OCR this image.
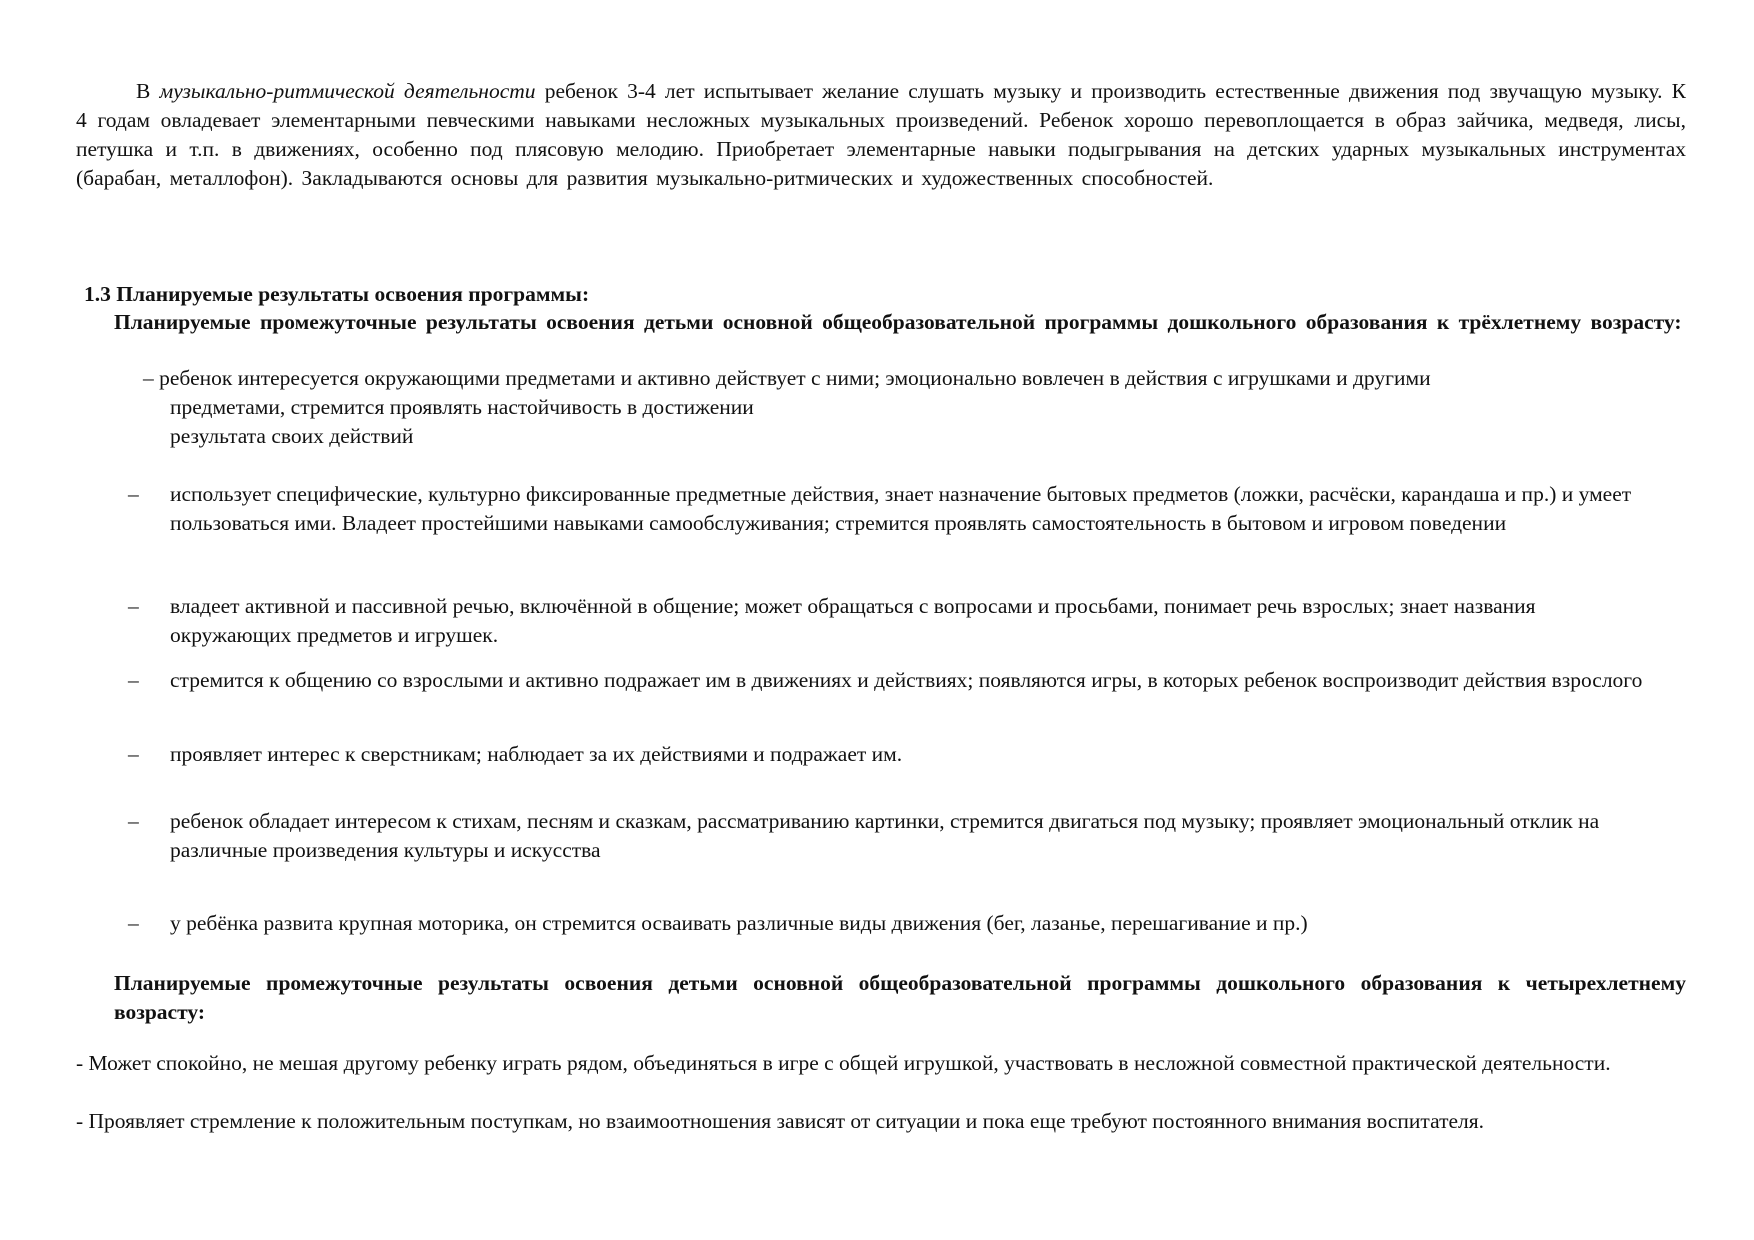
В музыкально-ритмической деятельности ребенок 3-4 лет испытывает желание слушать музыку и производить естественные движения под звучащую музыку. К 4 годам овладевает элементарными певческими навыками несложных музыкальных произведений. Ребенок хорошо перевоплощается в образ зайчика, медведя, лисы, петушка и т.п. в движениях, особенно под плясовую мелодию. Приобретает элементарные навыки подыгрывания на детских ударных музыкальных инструментах (барабан, металлофон). Закладываются основы для развития музыкально-ритмических и художественных способностей.

1.3 Планируемые результаты освоения программы:

Планируемые промежуточные результаты освоения детьми основной общеобразовательной программы дошкольного образования к трёхлетнему возрасту:

– ребенок интересуется окружающими предметами и активно действует с ними; эмоционально вовлечен в действия с игрушками и другими
предметами, стремится проявлять настойчивость в достижении
результата своих действий
–	использует специфические, культурно фиксированные предметные действия, знает назначение бытовых предметов (ложки, расчёски, карандаша и пр.) и умеет пользоваться ими. Владеет простейшими навыками самообслуживания; стремится проявлять самостоятельность в бытовом и игровом поведении
–	владеет активной и пассивной речью, включённой в общение; может обращаться с вопросами и просьбами, понимает речь взрослых; знает названия окружающих предметов и игрушек.
–	стремится к общению со взрослыми и активно подражает им в движениях и действиях; появляются игры, в которых ребенок воспроизводит действия взрослого
–	проявляет интерес к сверстникам; наблюдает за их действиями и подражает им.
–	ребенок обладает интересом к стихам, песням и сказкам, рассматриванию картинки, стремится двигаться под музыку; проявляет эмоциональный отклик на различные произведения культуры и искусства
–	у ребёнка развита крупная моторика, он стремится осваивать различные виды движения (бег, лазанье, перешагивание и пр.)

Планируемые промежуточные результаты освоения детьми основной общеобразовательной программы дошкольного образования к четырехлетнему возрасту:

- Может спокойно, не мешая другому ребенку играть рядом, объединяться в игре с общей игрушкой, участвовать в несложной совместной практической деятельности.

- Проявляет стремление к положительным поступкам, но взаимоотношения зависят от ситуации и пока еще требуют постоянного внимания воспитателя.
